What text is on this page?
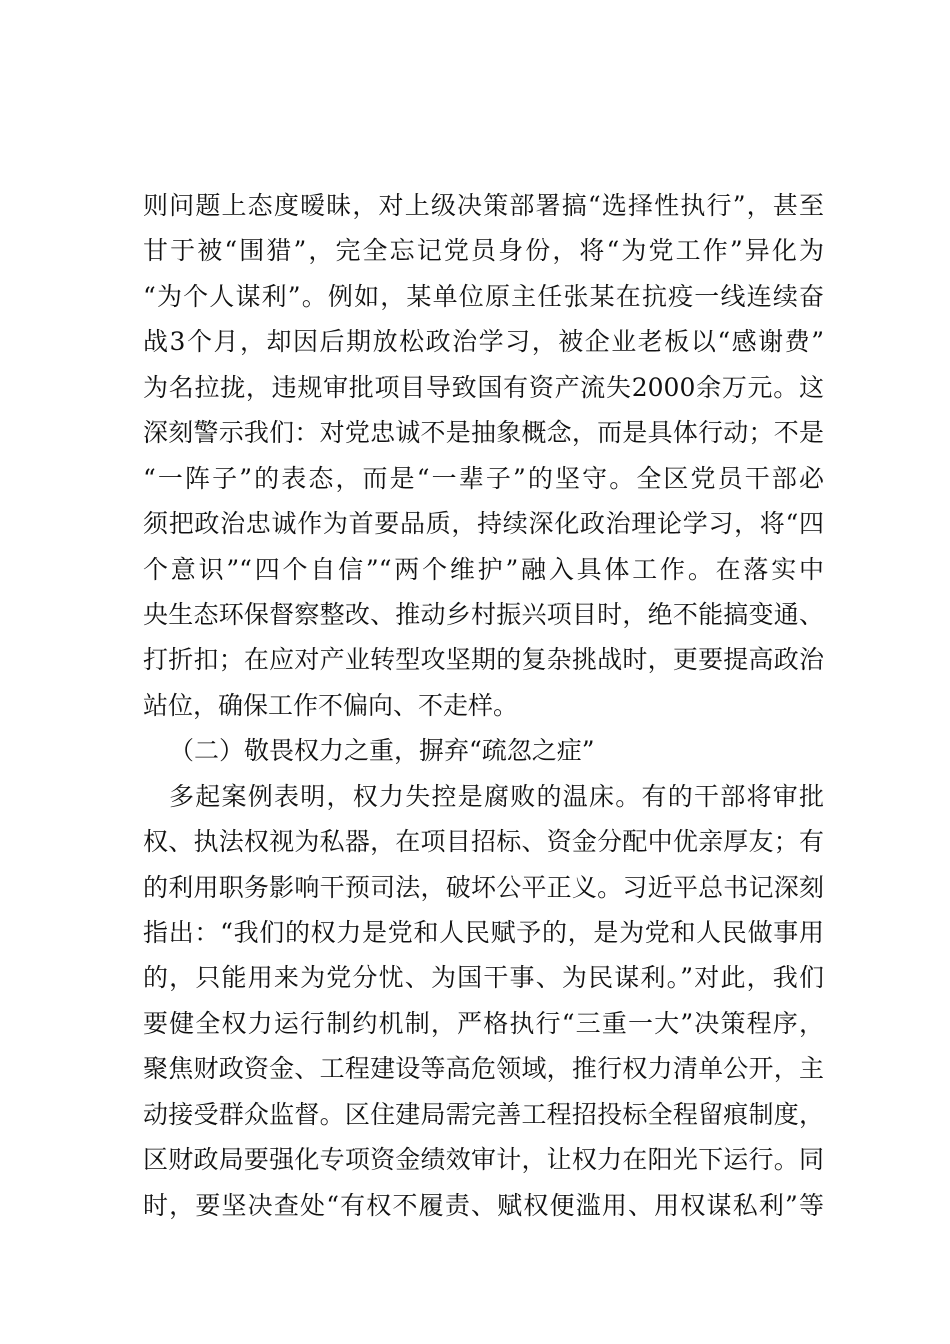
则问题上态度暧昧，对上级决策部署搞“选择性执行”，甚至
甘于被“围猎”，完全忘记党员身份，将“为党工作”异化为
“为个人谋利”。例如，某单位原主任张某在抗疫一线连续奋
战3个月，却因后期放松政治学习，被企业老板以“感谢费”
为名拉拢，违规审批项目导致国有资产流失2000余万元。这
深刻警示我们：对党忠诚不是抽象概念，而是具体行动；不是
“一阵子”的表态，而是“一辈子”的坚守。全区党员干部必
须把政治忠诚作为首要品质，持续深化政治理论学习，将“四
个意识”“四个自信”“两个维护”融入具体工作。在落实中
央生态环保督察整改、推动乡村振兴项目时，绝不能搞变通、
打折扣；在应对产业转型攻坚期的复杂挑战时，更要提高政治
站位，确保工作不偏向、不走样。
（二）敬畏权力之重，摒弃“疏忽之症”
多起案例表明，权力失控是腐败的温床。有的干部将审批
权、执法权视为私器，在项目招标、资金分配中优亲厚友；有
的利用职务影响干预司法，破坏公平正义。习近平总书记深刻
指出：“我们的权力是党和人民赋予的，是为党和人民做事用
的，只能用来为党分忧、为国干事、为民谋利。”对此，我们
要健全权力运行制约机制，严格执行“三重一大”决策程序，
聚焦财政资金、工程建设等高危领域，推行权力清单公开，主
动接受群众监督。区住建局需完善工程招投标全程留痕制度，
区财政局要强化专项资金绩效审计，让权力在阳光下运行。同
时，要坚决查处“有权不履责、赋权便滥用、用权谋私利”等
